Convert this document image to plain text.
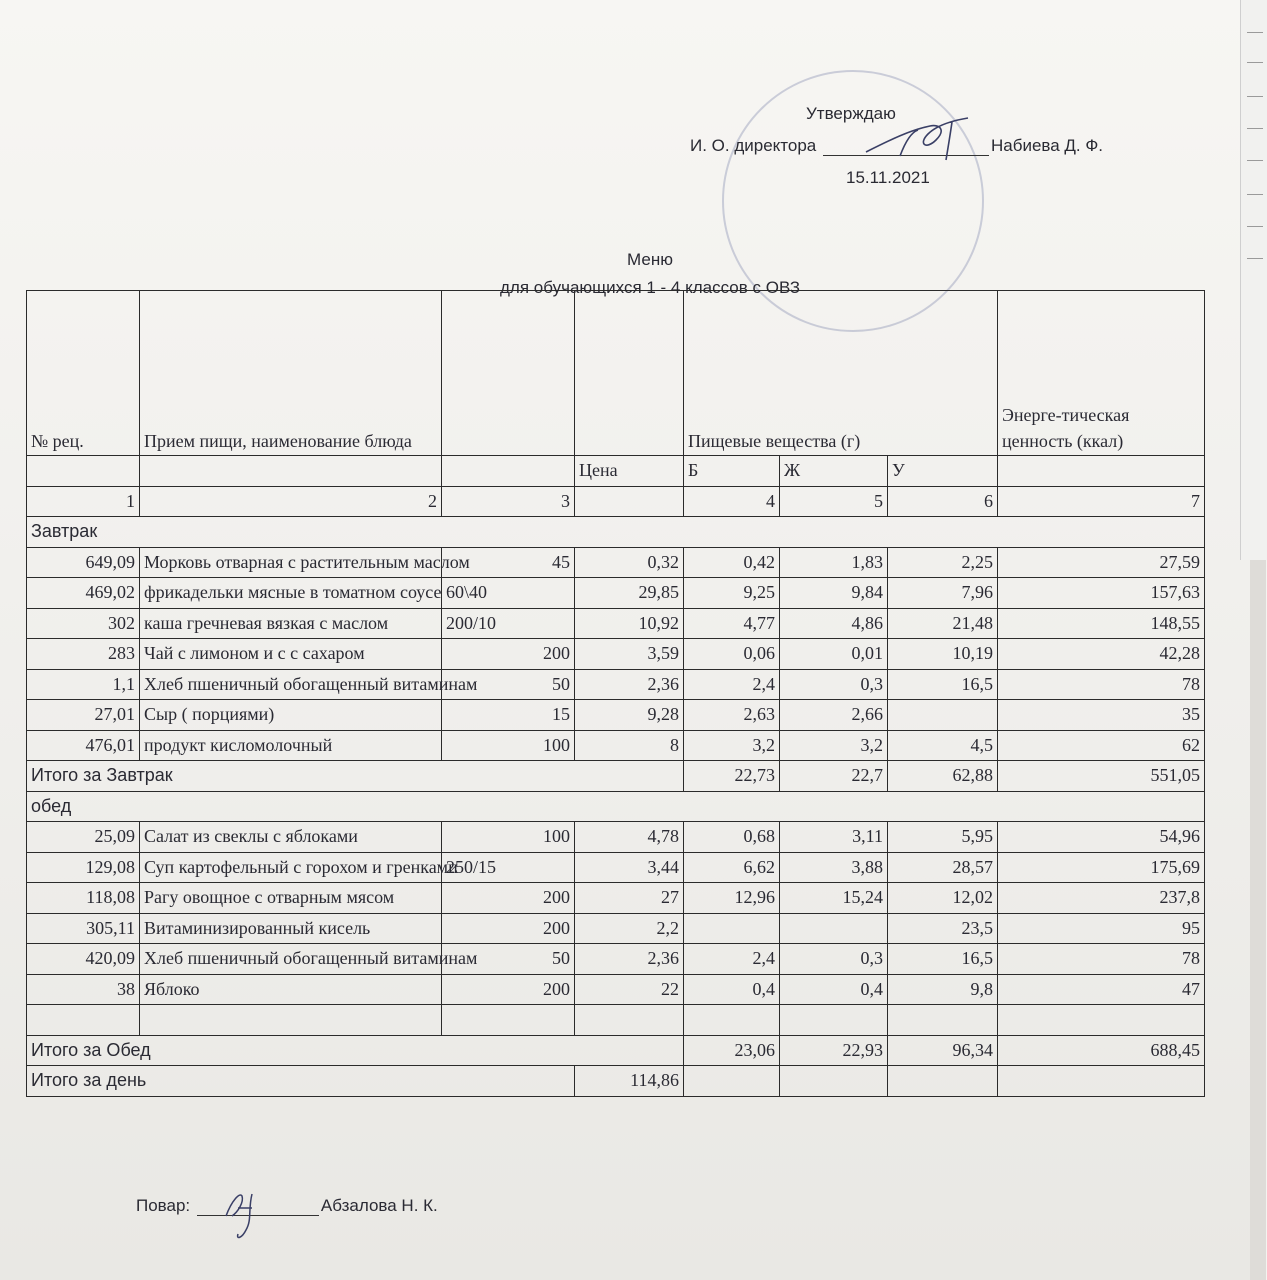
Утверждаю
И. О. директора	Набиева Д. Ф.
15.11.2021
Меню
для обучающихся 1 - 4 классов с ОВЗ
№ рец.	Прием пищи, наименование блюда			Пищевые вещества (г)			Энерге-тическая ценность (ккал)
			Цена	Б	Ж	У	
1	2	3		4	5	6	7
Завтрак							
649,09	Морковь отварная с растительным маслом	45	0,32	0,42	1,83	2,25	27,59
469,02	фрикадельки мясные в томатном соусе	60\40	29,85	9,25	9,84	7,96	157,63
302	каша гречневая вязкая с маслом	200/10	10,92	4,77	4,86	21,48	148,55
283	Чай с лимоном и с с сахаром	200	3,59	0,06	0,01	10,19	42,28
1,1	Хлеб пшеничный обогащенный витаминам	50	2,36	2,4	0,3	16,5	78
27,01	Сыр ( порциями)	15	9,28	2,63	2,66		35
476,01	продукт кисломолочный	100	8	3,2	3,2	4,5	62
Итого за Завтрак				22,73	22,7	62,88	551,05
обед							
25,09	Салат из свеклы с яблоками	100	4,78	0,68	3,11	5,95	54,96
129,08	Суп картофельный с горохом и гренками	250/15	3,44	6,62	3,88	28,57	175,69
118,08	Рагу овощное с отварным мясом	200	27	12,96	15,24	12,02	237,8
305,11	Витаминизированный кисель	200	2,2			23,5	95
420,09	Хлеб пшеничный обогащенный витаминам	50	2,36	2,4	0,3	16,5	78
38	Яблоко	200	22	0,4	0,4	9,8	47

Итого за Обед				23,06	22,93	96,34	688,45
Итого за день			114,86				
Повар:	Абзалова Н. К.
